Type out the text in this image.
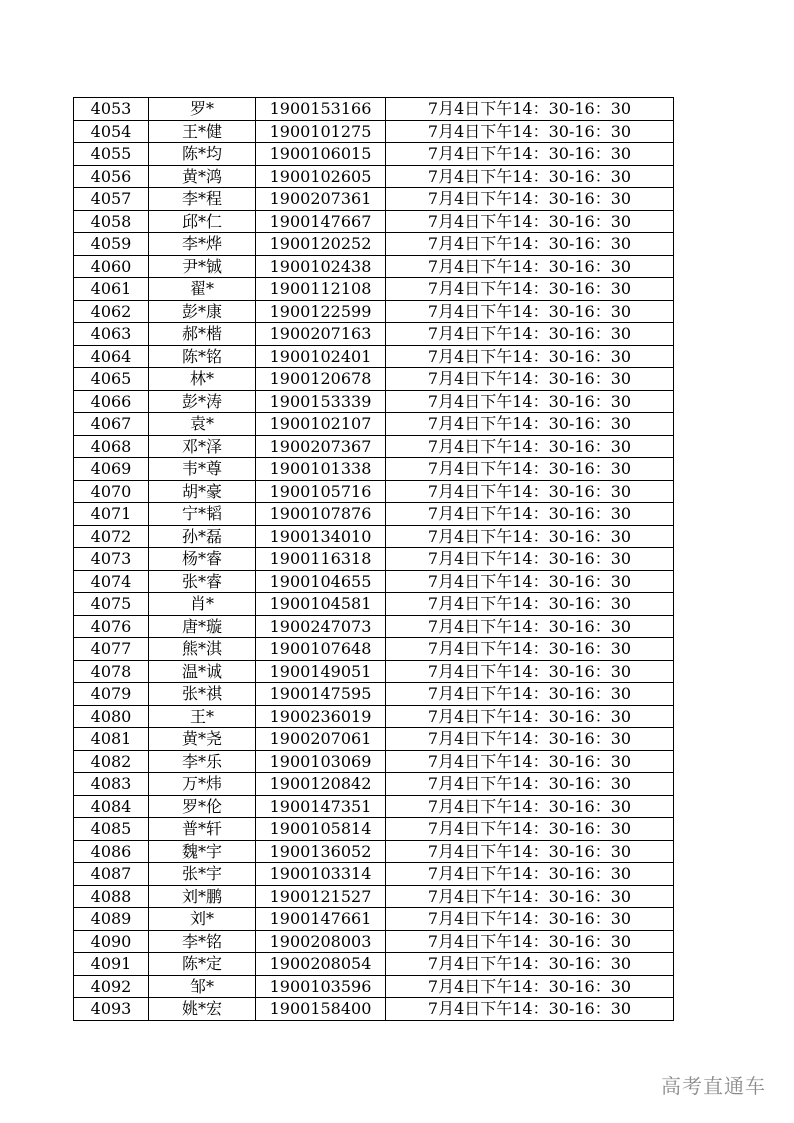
4053	罗*	1900153166	7月4日下午14：30-16：30
4054	王*健	1900101275	7月4日下午14：30-16：30
4055	陈*均	1900106015	7月4日下午14：30-16：30
4056	黄*鸿	1900102605	7月4日下午14：30-16：30
4057	李*程	1900207361	7月4日下午14：30-16：30
4058	邱*仁	1900147667	7月4日下午14：30-16：30
4059	李*烨	1900120252	7月4日下午14：30-16：30
4060	尹*铖	1900102438	7月4日下午14：30-16：30
4061	翟*	1900112108	7月4日下午14：30-16：30
4062	彭*康	1900122599	7月4日下午14：30-16：30
4063	郝*楷	1900207163	7月4日下午14：30-16：30
4064	陈*铭	1900102401	7月4日下午14：30-16：30
4065	林*	1900120678	7月4日下午14：30-16：30
4066	彭*涛	1900153339	7月4日下午14：30-16：30
4067	袁*	1900102107	7月4日下午14：30-16：30
4068	邓*泽	1900207367	7月4日下午14：30-16：30
4069	韦*尊	1900101338	7月4日下午14：30-16：30
4070	胡*豪	1900105716	7月4日下午14：30-16：30
4071	宁*韬	1900107876	7月4日下午14：30-16：30
4072	孙*磊	1900134010	7月4日下午14：30-16：30
4073	杨*睿	1900116318	7月4日下午14：30-16：30
4074	张*睿	1900104655	7月4日下午14：30-16：30
4075	肖*	1900104581	7月4日下午14：30-16：30
4076	唐*璇	1900247073	7月4日下午14：30-16：30
4077	熊*淇	1900107648	7月4日下午14：30-16：30
4078	温*诚	1900149051	7月4日下午14：30-16：30
4079	张*祺	1900147595	7月4日下午14：30-16：30
4080	王*	1900236019	7月4日下午14：30-16：30
4081	黄*尧	1900207061	7月4日下午14：30-16：30
4082	李*乐	1900103069	7月4日下午14：30-16：30
4083	万*炜	1900120842	7月4日下午14：30-16：30
4084	罗*伦	1900147351	7月4日下午14：30-16：30
4085	普*轩	1900105814	7月4日下午14：30-16：30
4086	魏*宇	1900136052	7月4日下午14：30-16：30
4087	张*宇	1900103314	7月4日下午14：30-16：30
4088	刘*鹏	1900121527	7月4日下午14：30-16：30
4089	刘*	1900147661	7月4日下午14：30-16：30
4090	李*铭	1900208003	7月4日下午14：30-16：30
4091	陈*定	1900208054	7月4日下午14：30-16：30
4092	邹*	1900103596	7月4日下午14：30-16：30
4093	姚*宏	1900158400	7月4日下午14：30-16：30
高考直通车
